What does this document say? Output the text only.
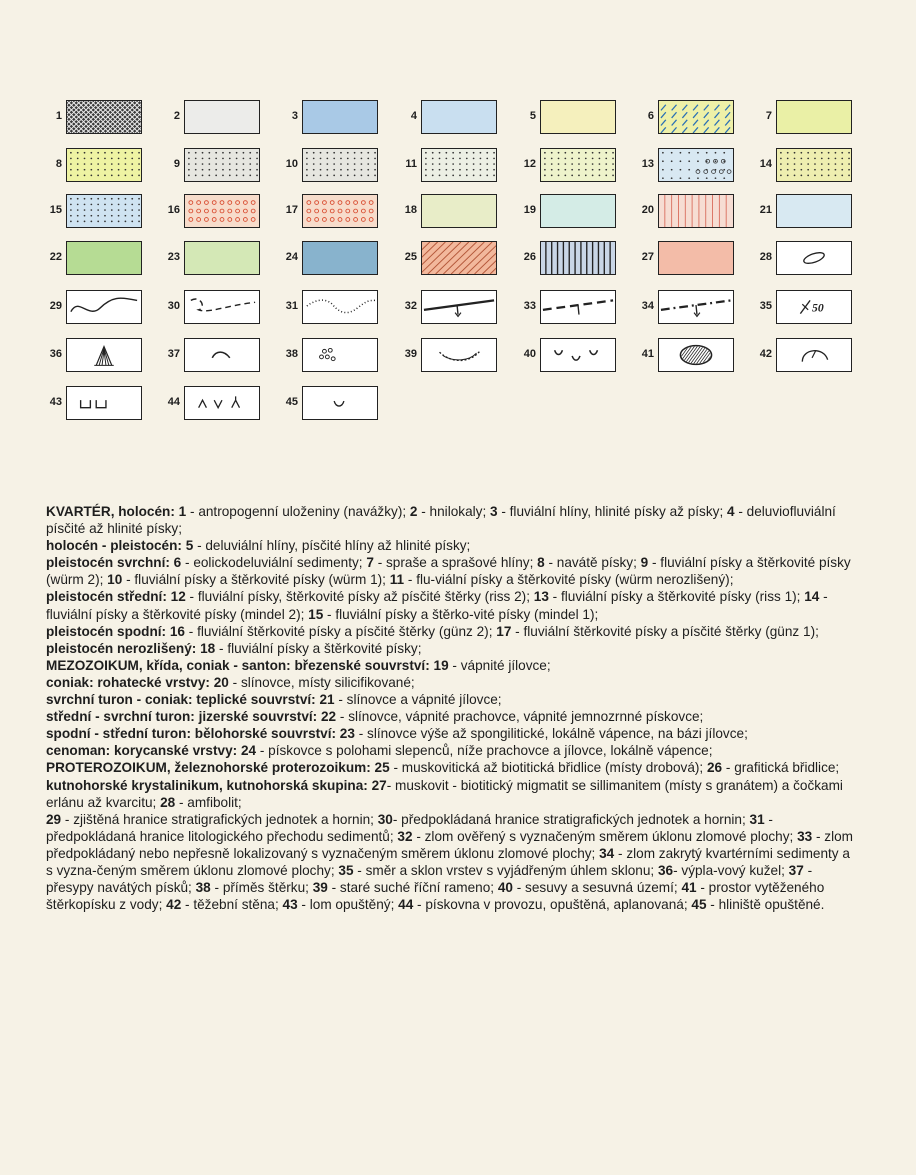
1	2	3	4	5	6	7
8	9	10	11	12	13	14
15	16	17	18	19	20	21
22	23	24	25	26	27	28
29	30	31	32	33	34	35	50
36	37	38	39	40	41	42
43	44	45

KVARTÉR, holocén: 1 - antropogenní uloženiny (navážky); 2 - hnilokaly; 3 - fluviální hlíny, hlinité písky až písky; 4 - deluviofluviální písčité až hlinité písky;

holocén - pleistocén: 5 - deluviální hlíny, písčité hlíny až hlinité písky;

pleistocén svrchní: 6 - eolickodeluviální sedimenty; 7 - spraše a sprašové hlíny; 8 - navátě písky; 9 - fluviální písky a štěrkovité písky (würm 2); 10 - fluviální písky a štěrkovité písky (würm 1); 11 - flu-viální písky a štěrkovité písky (würm nerozlišený);

pleistocén střední: 12 - fluviální písky, štěrkovité písky až písčité štěrky (riss 2); 13 - fluviální písky a štěrkovité písky (riss 1); 14 - fluviální písky a štěrkovité písky (mindel 2); 15 - fluviální písky a štěrko-vité písky (mindel 1);

pleistocén spodní: 16 - fluviální štěrkovité písky a písčité štěrky (günz 2); 17 - fluviální štěrkovité písky a písčité štěrky (günz 1); pleistocén nerozlišený: 18 - fluviální písky a štěrkovité písky;

MEZOZOIKUM, křída, coniak - santon: březenské souvrství: 19 - vápnité jílovce;

coniak: rohatecké vrstvy: 20 - slínovce, místy silicifikované;

svrchní turon - coniak: teplické souvrství: 21 - slínovce a vápnité jílovce;

střední - svrchní turon: jizerské souvrství: 22 - slínovce, vápnité prachovce, vápnité jemnozrnné pískovce;

spodní - střední turon: bělohorské souvrství: 23 - slínovce výše až spongilitické, lokálně vápence, na bázi jílovce;

cenoman: korycanské vrstvy: 24 - pískovce s polohami slepenců, níže prachovce a jílovce, lokálně vápence;

PROTEROZOIKUM, železnohorské proterozoikum: 25 - muskovitická až biotitická břidlice (místy drobová); 26 - grafitická břidlice;

kutnohorské krystalinikum, kutnohorská skupina: 27- muskovit - biotitický migmatit se sillimanitem (místy s granátem) a čočkami erlánu až kvarcitu; 28 - amfibolit;

29 - zjištěná hranice stratigrafických jednotek a hornin; 30- předpokládaná hranice stratigrafických jednotek a hornin; 31 - předpokládaná hranice litologického přechodu sedimentů; 32 - zlom ověřený s vyznačeným směrem úklonu zlomové plochy; 33 - zlom předpokládaný nebo nepřesně lokalizovaný s vyznačeným směrem úklonu zlomové plochy; 34 - zlom zakrytý kvartérními sedimenty a s vyzna-čeným směrem úklonu zlomové plochy; 35 - směr a sklon vrstev s vyjádřeným úhlem sklonu; 36- výpla-vový kužel; 37 - přesypy navátých písků; 38 - příměs štěrku; 39 - staré suché říční rameno; 40 - sesuvy a sesuvná území; 41 - prostor vytěženého štěrkopísku z vody; 42 - těžební stěna; 43 - lom opuštěný; 44 - pískovna v provozu, opuštěná, aplanovaná; 45 - hliniště opuštěné.
